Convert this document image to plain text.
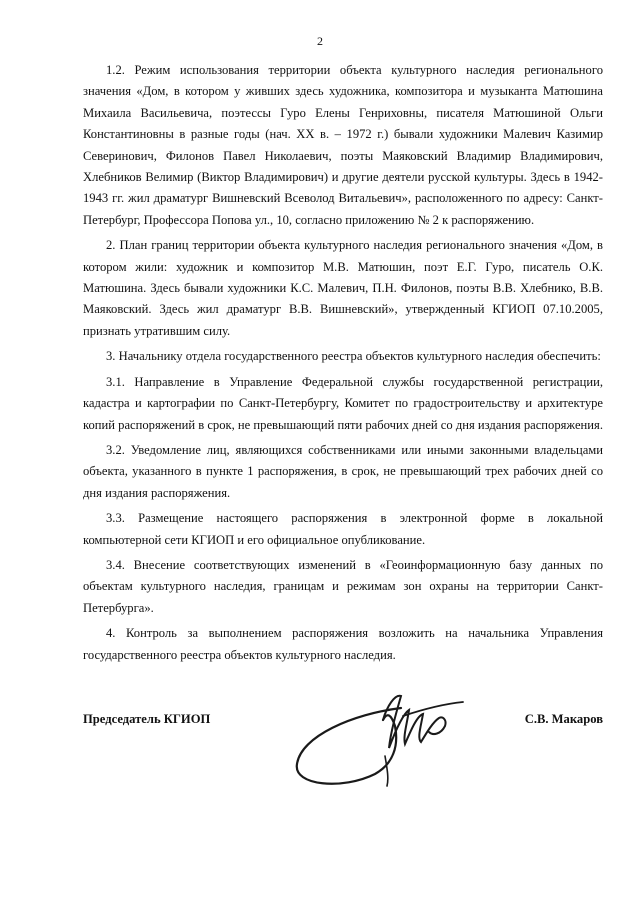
2

1.2. Режим использования территории объекта культурного наследия регионального значения «Дом, в котором у живших здесь художника, композитора и музыканта Матюшина Михаила Васильевича, поэтессы Гуро Елены Генриховны, писателя Матюшиной Ольги Константиновны в разные годы (нач. XX в. – 1972 г.) бывали художники Малевич Казимир Северинович, Филонов Павел Николаевич, поэты Маяковский Владимир Владимирович, Хлебников Велимир (Виктор Владимирович) и другие деятели русской культуры. Здесь в 1942-1943 гг. жил драматург Вишневский Всеволод Витальевич», расположенного по адресу: Санкт-Петербург, Профессора Попова ул., 10, согласно приложению № 2 к распоряжению.

2. План границ территории объекта культурного наследия регионального значения «Дом, в котором жили: художник и композитор М.В. Матюшин, поэт Е.Г. Гуро, писатель О.К. Матюшина. Здесь бывали художники К.С. Малевич, П.Н. Филонов, поэты В.В. Хлебнико, В.В. Маяковский. Здесь жил драматург В.В. Вишневский», утвержденный КГИОП 07.10.2005, признать утратившим силу.

3. Начальнику отдела государственного реестра объектов культурного наследия обеспечить:

3.1. Направление в Управление Федеральной службы государственной регистрации, кадастра и картографии по Санкт-Петербургу, Комитет по градостроительству и архитектуре копий распоряжений в срок, не превышающий пяти рабочих дней со дня издания распоряжения.

3.2. Уведомление лиц, являющихся собственниками или иными законными владельцами объекта, указанного в пункте 1 распоряжения, в срок, не превышающий трех рабочих дней со дня издания распоряжения.

3.3. Размещение настоящего распоряжения в электронной форме в локальной компьютерной сети КГИОП и его официальное опубликование.

3.4. Внесение соответствующих изменений в «Геоинформационную базу данных по объектам культурного наследия, границам и режимам зон охраны на территории Санкт-Петербурга».

4. Контроль за выполнением распоряжения возложить на начальника Управления государственного реестра объектов культурного наследия.

Председатель КГИОП	С.В. Макаров
